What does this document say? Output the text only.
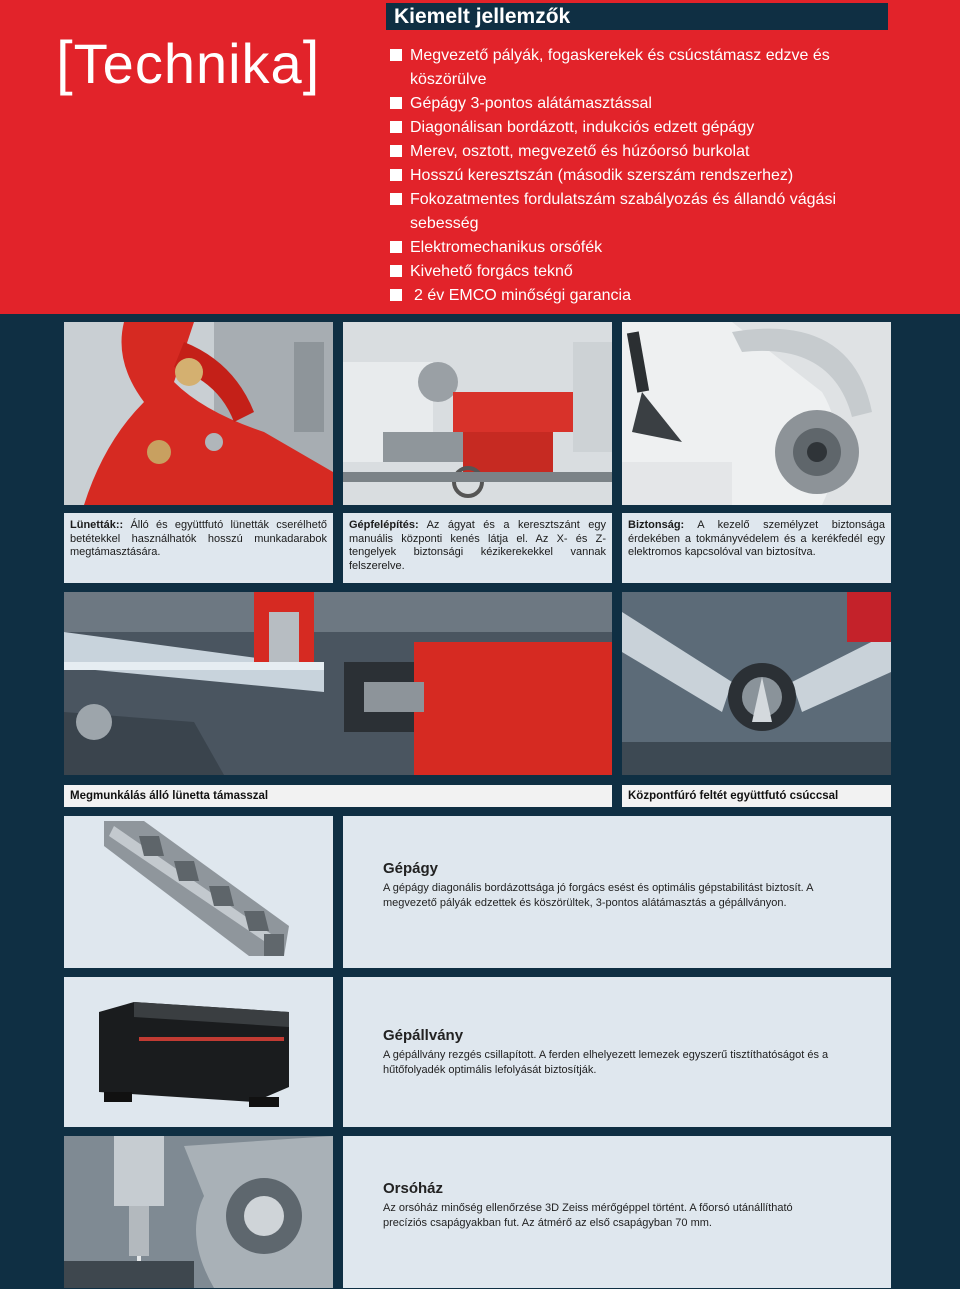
[Technika]
Kiemelt jellemzők
Megvezető pályák, fogaskerekek és csúcstámasz edzve és köszörülve
Gépágy 3-pontos alátámasztással
Diagonálisan bordázott, indukciós edzett gépágy
Merev, osztott, megvezető és húzóorsó burkolat
Hosszú keresztszán (második szerszám rendszerhez)
Fokozatmentes fordulatszám szabályozás és állandó vágási sebesség
Elektromechanikus orsófék
Kivehető forgács teknő
2 év EMCO minőségi garancia
Lünetták:: Álló és együttfutó lünetták cserélhető betétekkel használhatók hosszú munkadarabok megtámasztására.
Gépfelépítés: Az ágyat és a keresztszánt egy manuális központi kenés látja el. Az X- és Z-tengelyek biztonsági kézikerekekkel vannak felszerelve.
Biztonság: A kezelő személyzet biztonsága érdekében a tokmányvédelem és a kerékfedél egy elektromos kapcsolóval van biztosítva.
Megmunkálás álló lünetta támasszal	Központfúró feltét együttfutó csúccsal
Gépágy

A gépágy diagonális bordázottsága jó forgács esést és optimális gépstabilitást biztosít. A megvezető pályák edzettek és köszörültek, 3-pontos alátámasztás a gépállványon.

Gépállvány

A gépállvány rezgés csillapított. A ferden elhelyezett lemezek egyszerű tisztíthatóságot és a hűtőfolyadék optimális lefolyását biztosítják.

Orsóház

Az orsóház minőség ellenőrzése 3D Zeiss mérőgéppel történt. A főorsó utánállítható precíziós csapágyakban fut. Az átmérő az első csapágyban 70 mm.
